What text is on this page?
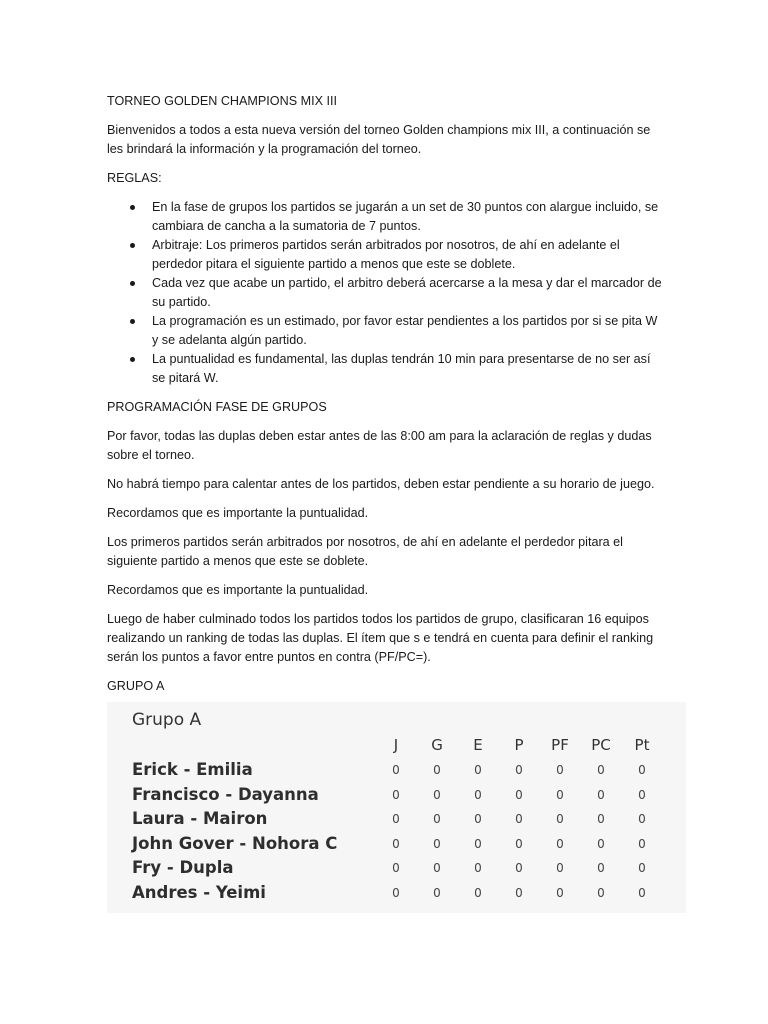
TORNEO GOLDEN CHAMPIONS MIX III

Bienvenidos a todos a esta nueva versión del torneo Golden champions mix III, a continuación se les brindará la información y la programación del torneo.

REGLAS:

En la fase de grupos los partidos se jugarán a un set de 30 puntos con alargue incluido, se cambiara de cancha a la sumatoria de 7 puntos.
Arbitraje: Los primeros partidos serán arbitrados por nosotros, de ahí en adelante el perdedor pitara el siguiente partido a menos que este se doblete.
Cada vez que acabe un partido, el arbitro deberá acercarse a la mesa y dar el marcador de su partido.
La programación es un estimado, por favor estar pendientes a los partidos por si se pita W y se adelanta algún partido.
La puntualidad es fundamental, las duplas tendrán 10 min para presentarse de no ser así se pitará W.

PROGRAMACIÓN FASE DE GRUPOS

Por favor, todas las duplas deben estar antes de las 8:00 am para la aclaración de reglas y dudas sobre el torneo.

No habrá tiempo para calentar antes de los partidos, deben estar pendiente a su horario de juego.

Recordamos que es importante la puntualidad.

Los primeros partidos serán arbitrados por nosotros, de ahí en adelante el perdedor pitara el siguiente partido a menos que este se doblete.

Recordamos que es importante la puntualidad.

Luego de haber culminado todos los partidos todos los partidos de grupo, clasificaran 16 equipos realizando un ranking de todas las duplas. El ítem que s e tendrá en cuenta para definir el ranking serán los puntos a favor entre puntos en contra (PF/PC=).

GRUPO A

Grupo A
J	G	E	P	PF	PC	Pt
Erick - Emilia	0	0	0	0	0	0	0
Francisco - Dayanna	0	0	0	0	0	0	0
Laura - Mairon	0	0	0	0	0	0	0
John Gover - Nohora C	0	0	0	0	0	0	0
Fry - Dupla	0	0	0	0	0	0	0
Andres - Yeimi	0	0	0	0	0	0	0
